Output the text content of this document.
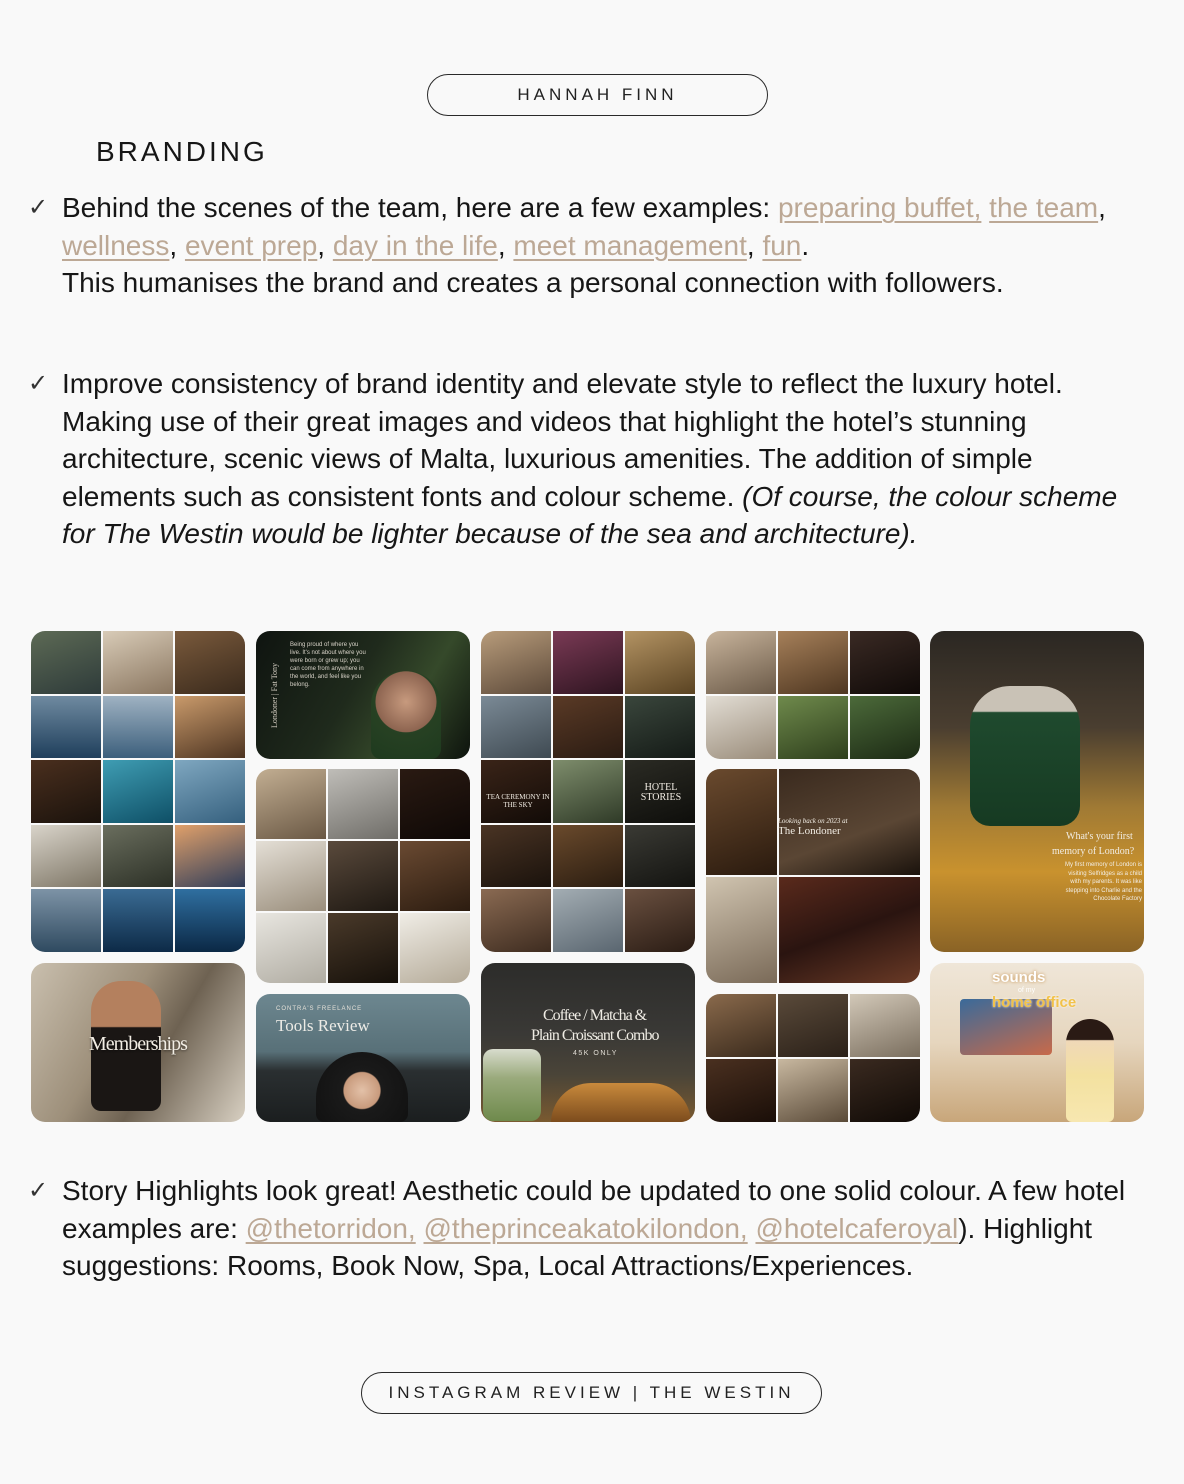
HANNAH FINN
BRANDING
✓ Behind the scenes of the team, here are a few examples: preparing buffet, the team, wellness, event prep, day in the life, meet management, fun.
This humanises the brand and creates a personal connection with followers.

✓ Improve consistency of brand identity and elevate style to reflect the luxury hotel. Making use of their great images and videos that highlight the hotel’s stunning architecture, scenic views of Malta, luxurious amenities. The addition of simple elements such as consistent fonts and colour scheme. (Of course, the colour scheme for The Westin would be lighter because of the sea and architecture).

Londoner | Fat Tony
Being proud of where you live. It's not about where you were born or grew up; you can come from anywhere in the world, and feel like you belong.
TEA CEREMONY IN THE SKY
HOTEL STORIES
What's your first
memory of London?
My first memory of London is visiting Selfridges as a child with my parents. It was like stepping into Charlie and the Chocolate Factory
Looking back on 2023 at
The Londoner
Memberships
CONTRA'S FREELANCE
Tools Review
Coffee / Matcha &
Plain Croissant Combo
45K ONLY
sounds
of my
home office
✓ Story Highlights look great! Aesthetic could be updated to one solid colour. A few hotel examples are: @thetorridon, @theprinceakatokilondon, @hotelcaferoyal). Highlight suggestions: Rooms, Book Now, Spa, Local Attractions/Experiences.

INSTAGRAM REVIEW | THE WESTIN
